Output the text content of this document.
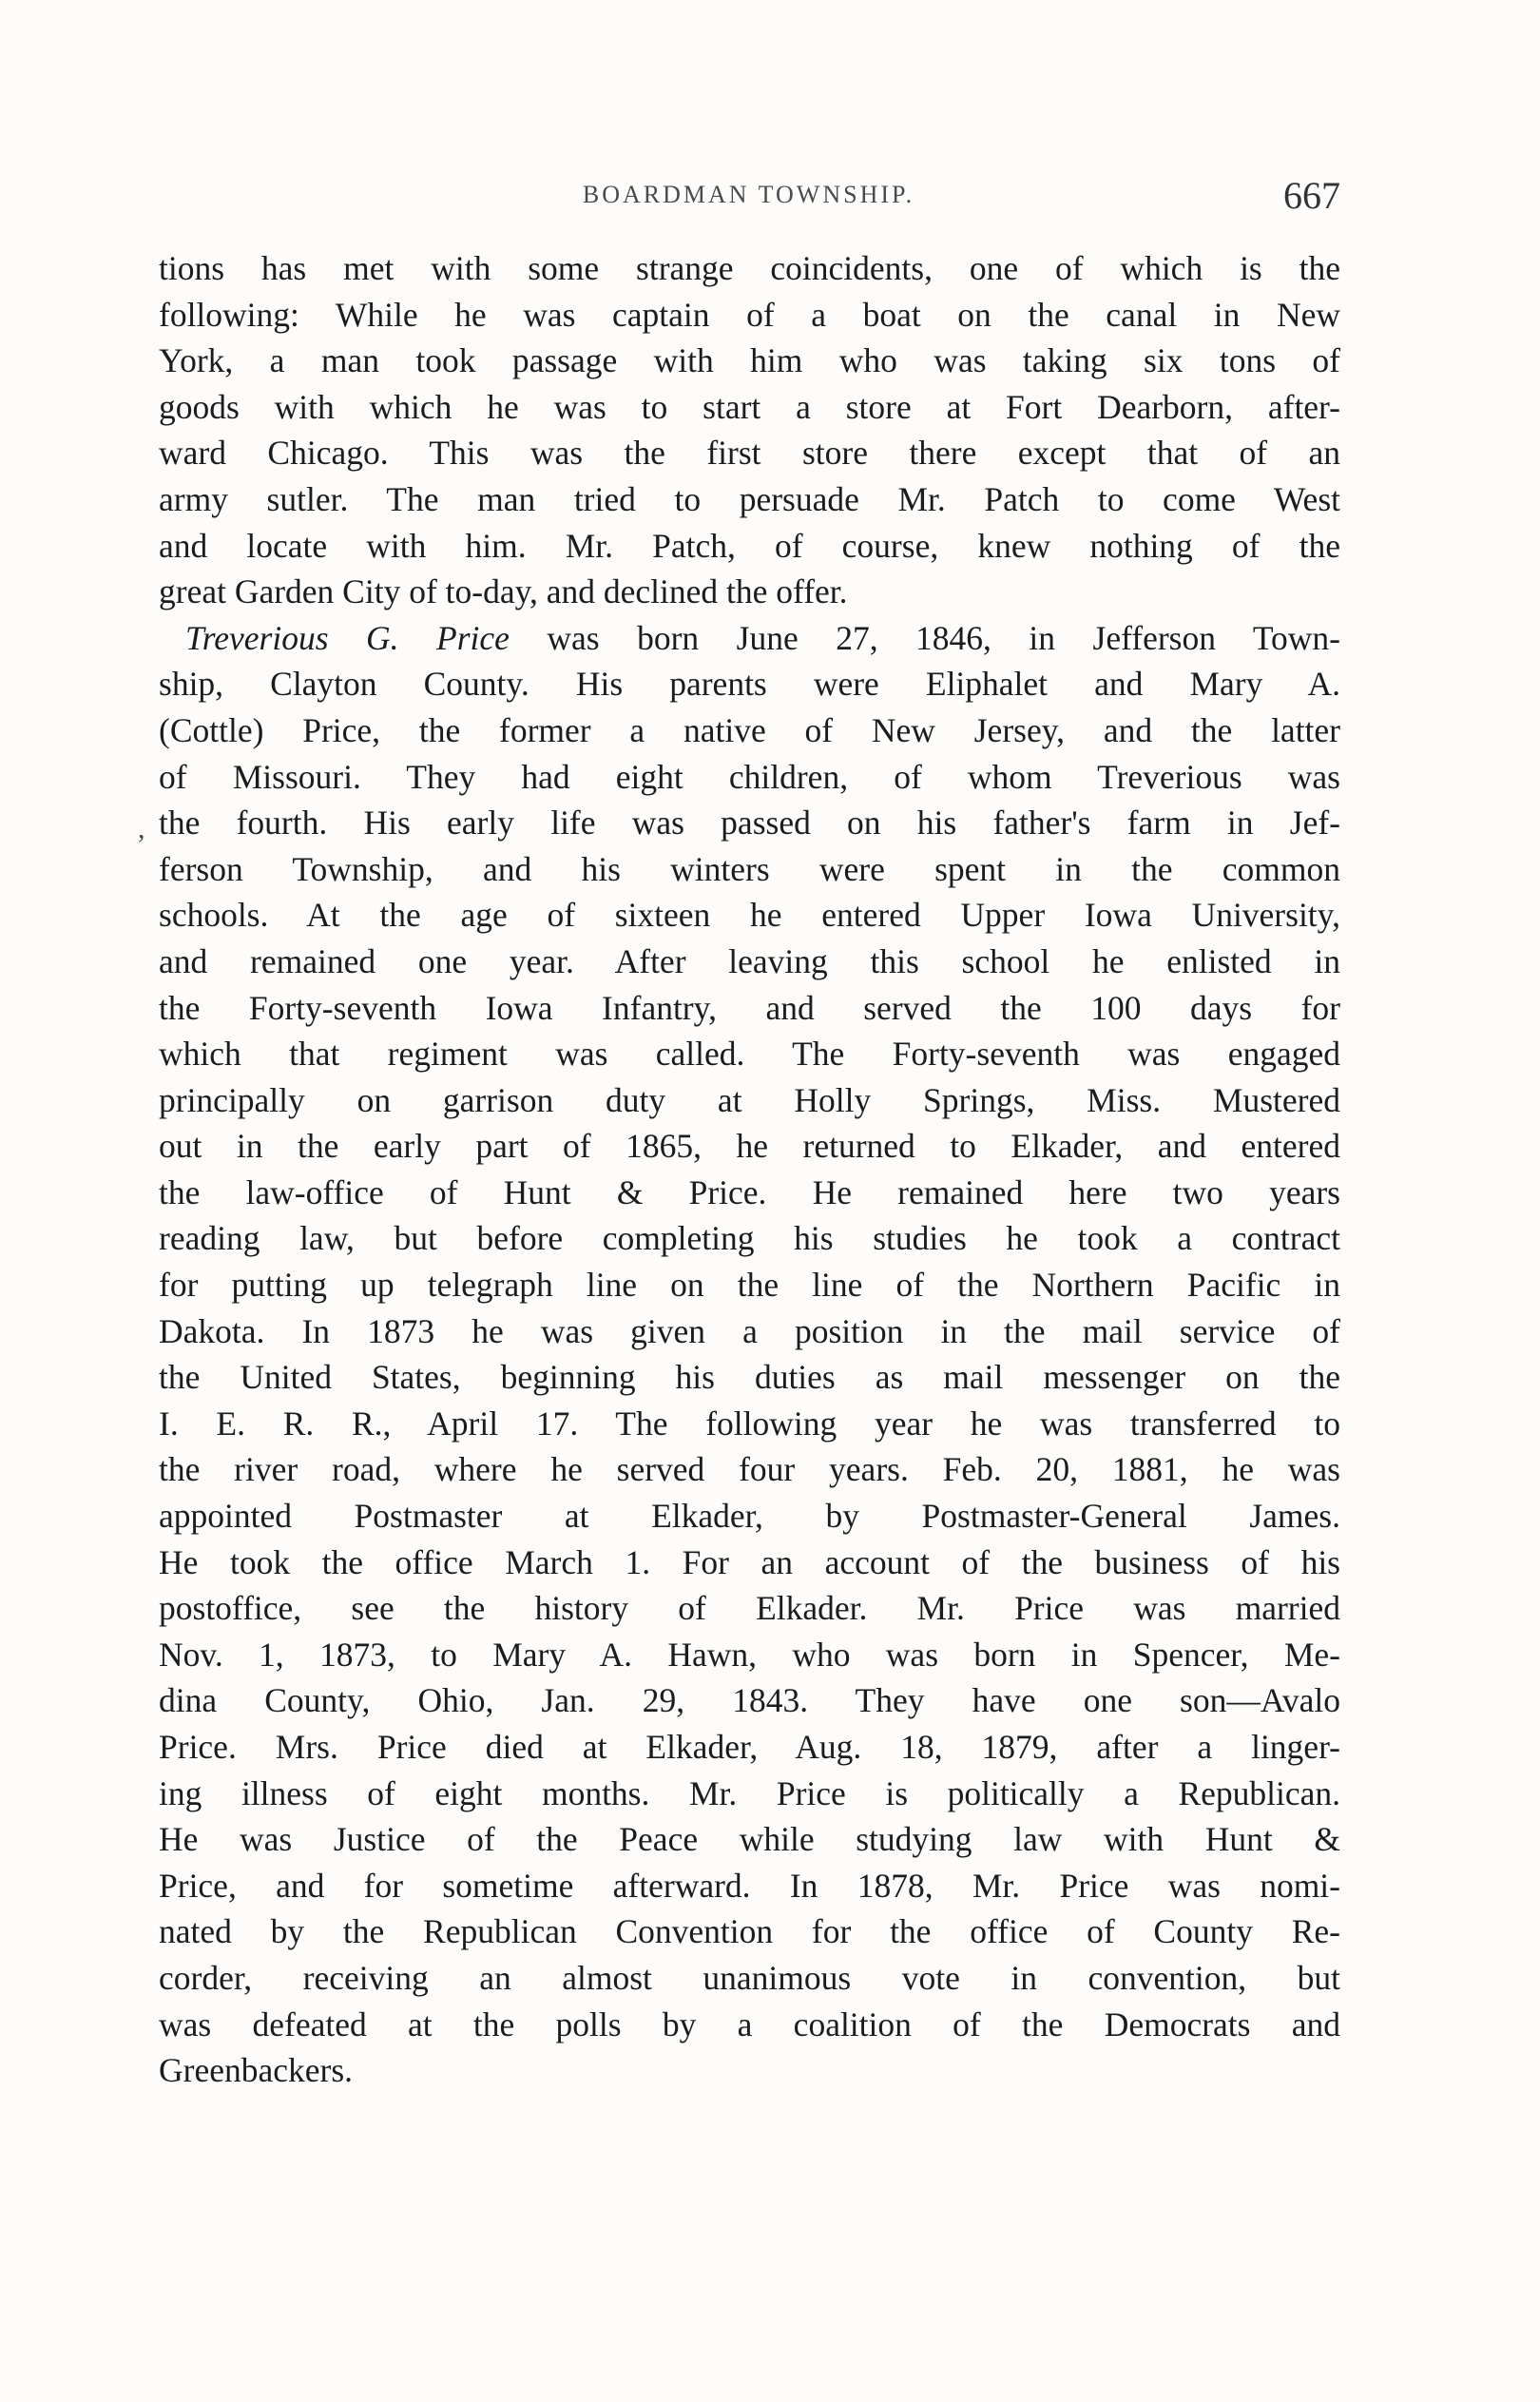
BOARDMAN TOWNSHIP.	667
,
tions has met with some strange coincidents, one of which is the
following: While he was captain of a boat on the canal in New
York, a man took passage with him who was taking six tons of
goods with which he was to start a store at Fort Dearborn, after-
ward Chicago. This was the first store there except that of an
army sutler. The man tried to persuade Mr. Patch to come West
and locate with him. Mr. Patch, of course, knew nothing of the
great Garden City of to-day, and declined the offer.
Treverious G. Price was born June 27, 1846, in Jefferson Town-
ship, Clayton County. His parents were Eliphalet and Mary A.
(Cottle) Price, the former a native of New Jersey, and the latter
of Missouri. They had eight children, of whom Treverious was
the fourth. His early life was passed on his father's farm in Jef-
ferson Township, and his winters were spent in the common
schools. At the age of sixteen he entered Upper Iowa University,
and remained one year. After leaving this school he enlisted in
the Forty-seventh Iowa Infantry, and served the 100 days for
which that regiment was called. The Forty-seventh was engaged
principally on garrison duty at Holly Springs, Miss. Mustered
out in the early part of 1865, he returned to Elkader, and entered
the law-office of Hunt & Price. He remained here two years
reading law, but before completing his studies he took a contract
for putting up telegraph line on the line of the Northern Pacific in
Dakota. In 1873 he was given a position in the mail service of
the United States, beginning his duties as mail messenger on the
I. E. R. R., April 17. The following year he was transferred to
the river road, where he served four years. Feb. 20, 1881, he was
appointed Postmaster at Elkader, by Postmaster-General James.
He took the office March 1. For an account of the business of his
postoffice, see the history of Elkader. Mr. Price was married
Nov. 1, 1873, to Mary A. Hawn, who was born in Spencer, Me-
dina County, Ohio, Jan. 29, 1843. They have one son—Avalo
Price. Mrs. Price died at Elkader, Aug. 18, 1879, after a linger-
ing illness of eight months. Mr. Price is politically a Republican.
He was Justice of the Peace while studying law with Hunt &
Price, and for sometime afterward. In 1878, Mr. Price was nomi-
nated by the Republican Convention for the office of County Re-
corder, receiving an almost unanimous vote in convention, but
was defeated at the polls by a coalition of the Democrats and
Greenbackers.
